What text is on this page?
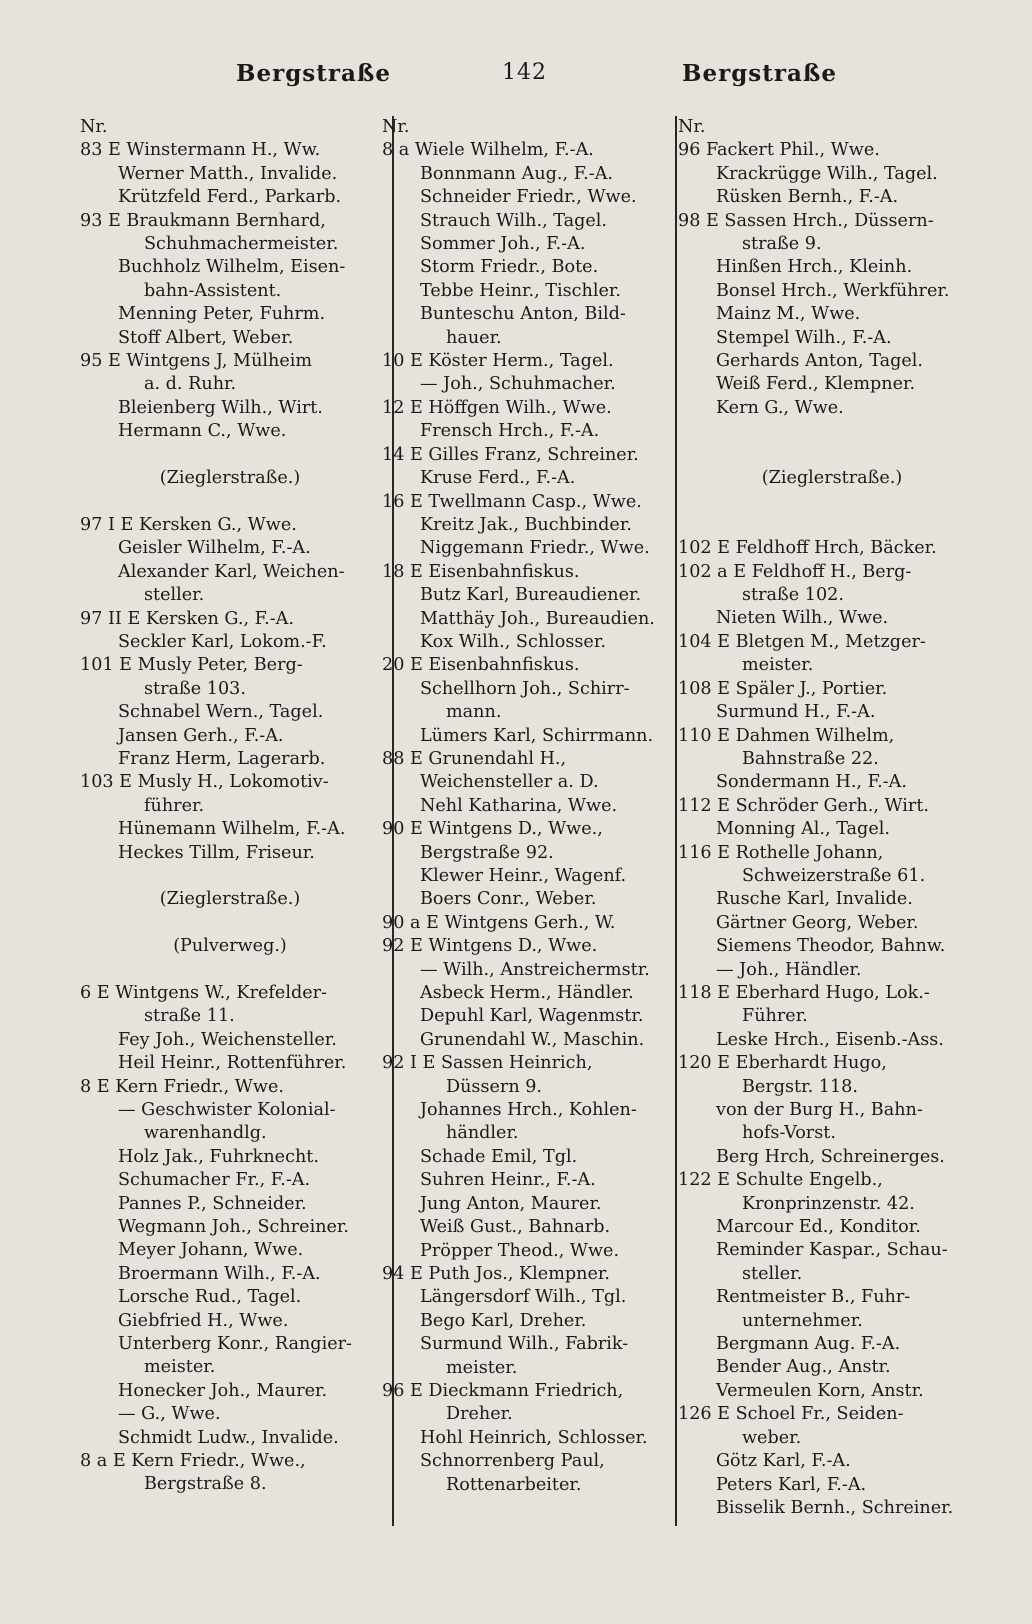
Bergstraße	142	Bergstraße
Nr.
83 E Winstermann H., Ww.
Werner Matth., Invalide.
Krützfeld Ferd., Parkarb.
93 E Braukmann Bernhard,
Schuhmachermeister.
Buchholz Wilhelm, Eisen-
bahn-Assistent.
Menning Peter, Fuhrm.
Stoff Albert, Weber.
95 E Wintgens J, Mülheim
a. d. Ruhr.
Bleienberg Wilh., Wirt.
Hermann C., Wwe.
(Zieglerstraße.)
97 I E Kersken G., Wwe.
Geisler Wilhelm, F.-A.
Alexander Karl, Weichen-
steller.
97 II E Kersken G., F.-A.
Seckler Karl, Lokom.-F.
101 E Musly Peter, Berg-
straße 103.
Schnabel Wern., Tagel.
Jansen Gerh., F.-A.
Franz Herm, Lagerarb.
103 E Musly H., Lokomotiv-
führer.
Hünemann Wilhelm, F.-A.
Heckes Tillm, Friseur.
(Zieglerstraße.)
(Pulverweg.)
6 E Wintgens W., Krefelder-
straße 11.
Fey Joh., Weichensteller.
Heil Heinr., Rottenführer.
8 E Kern Friedr., Wwe.
— Geschwister Kolonial-
warenhandlg.
Holz Jak., Fuhrknecht.
Schumacher Fr., F.-A.
Pannes P., Schneider.
Wegmann Joh., Schreiner.
Meyer Johann, Wwe.
Broermann Wilh., F.-A.
Lorsche Rud., Tagel.
Giebfried H., Wwe.
Unterberg Konr., Rangier-
meister.
Honecker Joh., Maurer.
— G., Wwe.
Schmidt Ludw., Invalide.
8 a E Kern Friedr., Wwe.,
Bergstraße 8.
Nr.
8 a Wiele Wilhelm, F.-A.
Bonnmann Aug., F.-A.
Schneider Friedr., Wwe.
Strauch Wilh., Tagel.
Sommer Joh., F.-A.
Storm Friedr., Bote.
Tebbe Heinr., Tischler.
Bunteschu Anton, Bild-
hauer.
10 E Köster Herm., Tagel.
— Joh., Schuhmacher.
12 E Höffgen Wilh., Wwe.
Frensch Hrch., F.-A.
14 E Gilles Franz, Schreiner.
Kruse Ferd., F.-A.
16 E Twellmann Casp., Wwe.
Kreitz Jak., Buchbinder.
Niggemann Friedr., Wwe.
18 E Eisenbahnfiskus.
Butz Karl, Bureaudiener.
Matthäy Joh., Bureaudien.
Kox Wilh., Schlosser.
20 E Eisenbahnfiskus.
Schellhorn Joh., Schirr-
mann.
Lümers Karl, Schirrmann.
88 E Grunendahl H.,
Weichensteller a. D.
Nehl Katharina, Wwe.
90 E Wintgens D., Wwe.,
Bergstraße 92.
Klewer Heinr., Wagenf.
Boers Conr., Weber.
90 a E Wintgens Gerh., W.
92 E Wintgens D., Wwe.
— Wilh., Anstreichermstr.
Asbeck Herm., Händler.
Depuhl Karl, Wagenmstr.
Grunendahl W., Maschin.
92 I E Sassen Heinrich,
Düssern 9.
Johannes Hrch., Kohlen-
händler.
Schade Emil, Tgl.
Suhren Heinr., F.-A.
Jung Anton, Maurer.
Weiß Gust., Bahnarb.
Pröpper Theod., Wwe.
94 E Puth Jos., Klempner.
Längersdorf Wilh., Tgl.
Bego Karl, Dreher.
Surmund Wilh., Fabrik-
meister.
96 E Dieckmann Friedrich,
Dreher.
Hohl Heinrich, Schlosser.
Schnorrenberg Paul,
Rottenarbeiter.
Nr.
96 Fackert Phil., Wwe.
Krackrügge Wilh., Tagel.
Rüsken Bernh., F.-A.
98 E Sassen Hrch., Düssern-
straße 9.
Hinßen Hrch., Kleinh.
Bonsel Hrch., Werkführer.
Mainz M., Wwe.
Stempel Wilh., F.-A.
Gerhards Anton, Tagel.
Weiß Ferd., Klempner.
Kern G., Wwe.
(Zieglerstraße.)
102 E Feldhoff Hrch, Bäcker.
102 a E Feldhoff H., Berg-
straße 102.
Nieten Wilh., Wwe.
104 E Bletgen M., Metzger-
meister.
108 E Späler J., Portier.
Surmund H., F.-A.
110 E Dahmen Wilhelm,
Bahnstraße 22.
Sondermann H., F.-A.
112 E Schröder Gerh., Wirt.
Monning Al., Tagel.
116 E Rothelle Johann,
Schweizerstraße 61.
Rusche Karl, Invalide.
Gärtner Georg, Weber.
Siemens Theodor, Bahnw.
— Joh., Händler.
118 E Eberhard Hugo, Lok.-
Führer.
Leske Hrch., Eisenb.-Ass.
120 E Eberhardt Hugo,
Bergstr. 118.
von der Burg H., Bahn-
hofs-Vorst.
Berg Hrch, Schreinerges.
122 E Schulte Engelb.,
Kronprinzenstr. 42.
Marcour Ed., Konditor.
Reminder Kaspar., Schau-
steller.
Rentmeister B., Fuhr-
unternehmer.
Bergmann Aug. F.-A.
Bender Aug., Anstr.
Vermeulen Korn, Anstr.
126 E Schoel Fr., Seiden-
weber.
Götz Karl, F.-A.
Peters Karl, F.-A.
Bisselik Bernh., Schreiner.
